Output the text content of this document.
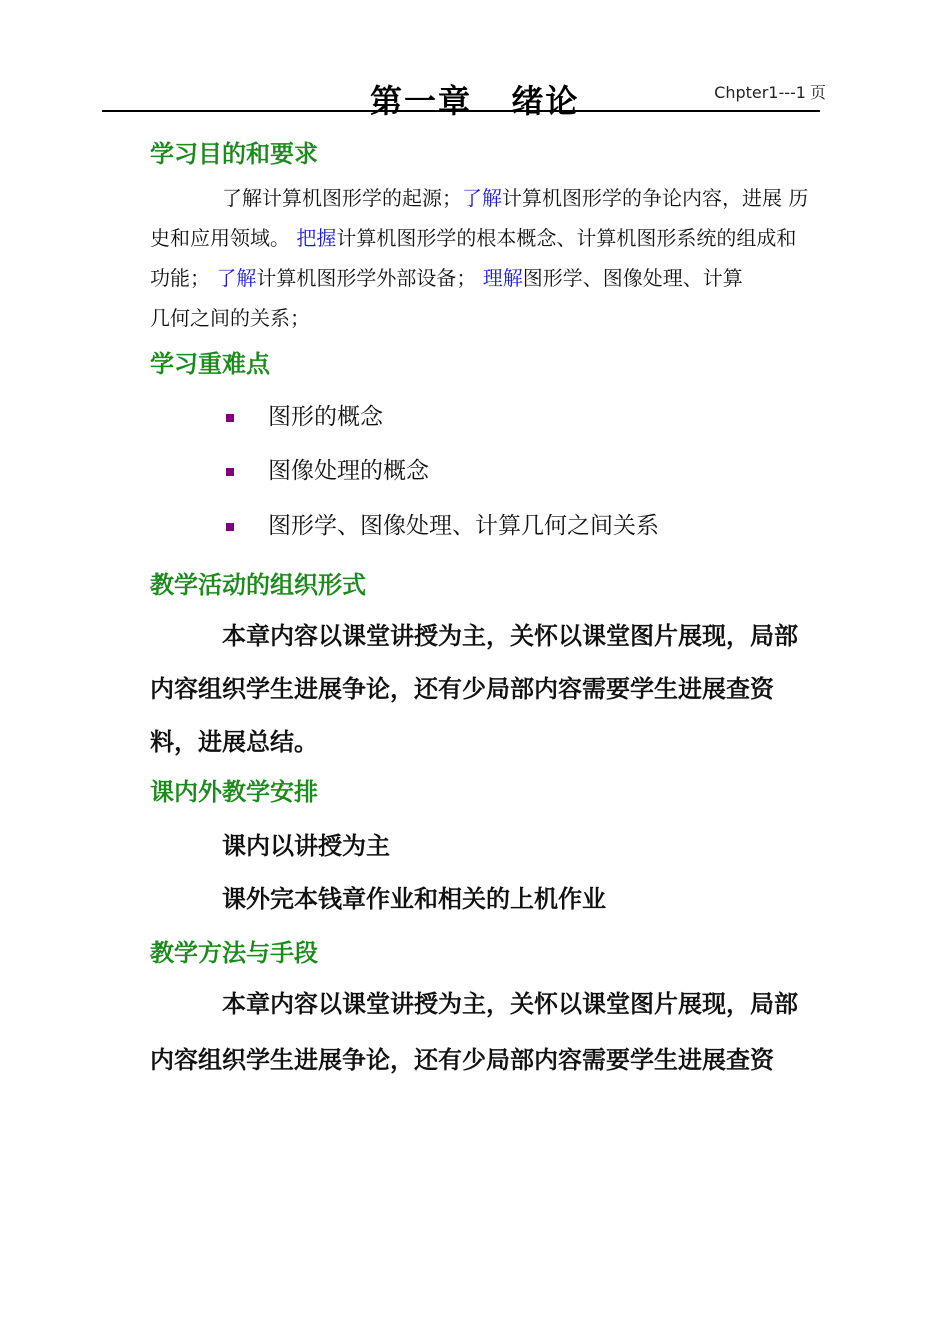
第一章   绪论	Chpter1---1 页
学习目的和要求
了解计算机图形学的起源；了解计算机图形学的争论内容，进展 历
史和应用领域。 把握计算机图形学的根本概念、计算机图形系统的组成和
功能； 了解计算机图形学外部设备； 理解图形学、图像处理、计算
几何之间的关系；
学习重难点
图形的概念
图像处理的概念
图形学、图像处理、计算几何之间关系
教学活动的组织形式
本章内容以课堂讲授为主，关怀以课堂图片展现，局部
内容组织学生进展争论，还有少局部内容需要学生进展查资
料，进展总结。
课内外教学安排
课内以讲授为主
课外完本钱章作业和相关的上机作业
教学方法与手段
本章内容以课堂讲授为主，关怀以课堂图片展现，局部
内容组织学生进展争论，还有少局部内容需要学生进展查资
